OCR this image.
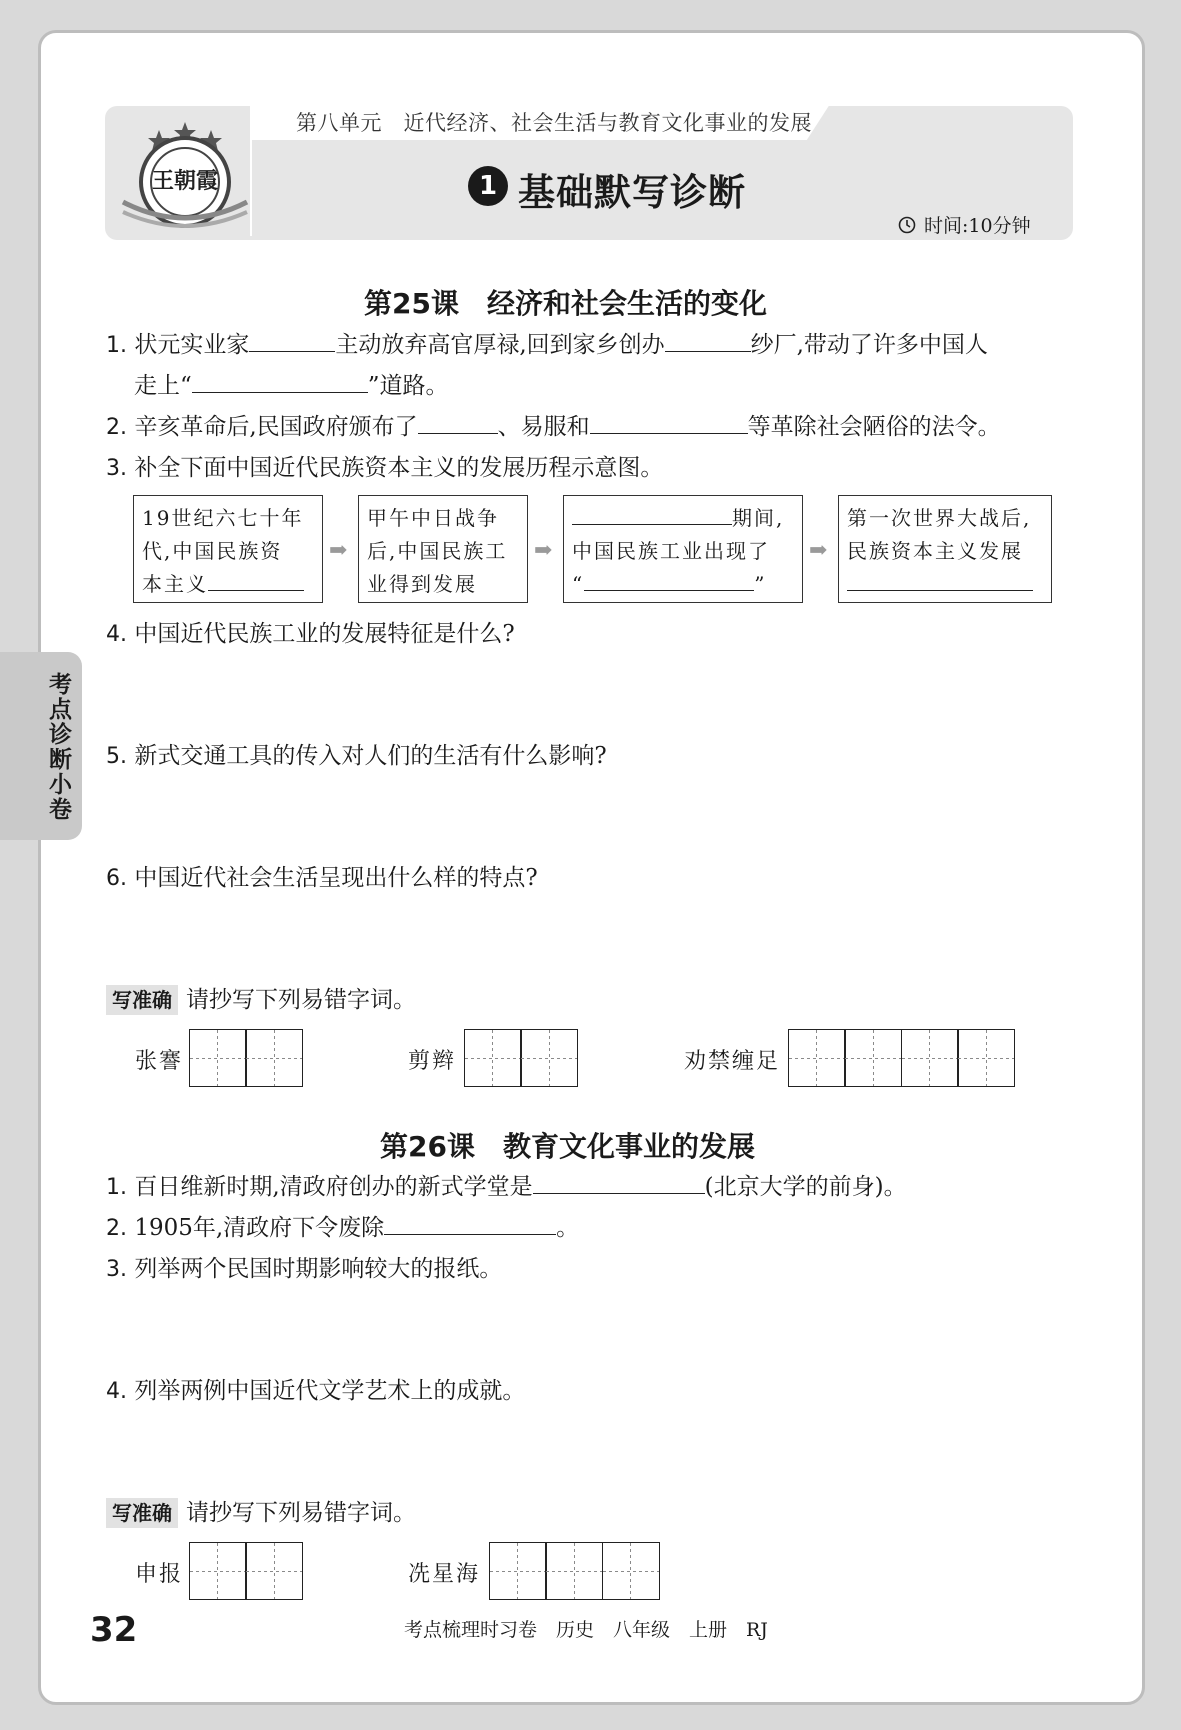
第八单元　近代经济、社会生活与教育文化事业的发展
王朝霞	1 基础默写诊断
时间:10分钟
考点诊断小卷
第25课　经济和社会生活的变化
1. 状元实业家	主动放弃高官厚禄,回到家乡创办	纱厂,带动了许多中国人
走上“	”道路。
2. 辛亥革命后,民国政府颁布了	、易服和	等革除社会陋俗的法令。
3. 补全下面中国近代民族资本主义的发展历程示意图。
19世纪六七十年
代,中国民族资
本主义
➡
甲午中日战争
后,中国民族工
业得到发展
➡
期间,
中国民族工业出现了
“	”
➡
第一次世界大战后,
民族资本主义发展
4. 中国近代民族工业的发展特征是什么?
5. 新式交通工具的传入对人们的生活有什么影响?
6. 中国近代社会生活呈现出什么样的特点?
写准确 请抄写下列易错字词。
张謇	剪辫	劝禁缠足
第26课　教育文化事业的发展
1. 百日维新时期,清政府创办的新式学堂是	(北京大学的前身)。
2. 1905年,清政府下令废除	。
3. 列举两个民国时期影响较大的报纸。
4. 列举两例中国近代文学艺术上的成就。
写准确 请抄写下列易错字词。
申报	冼星海
32	考点梳理时习卷　历史　八年级　上册　RJ
